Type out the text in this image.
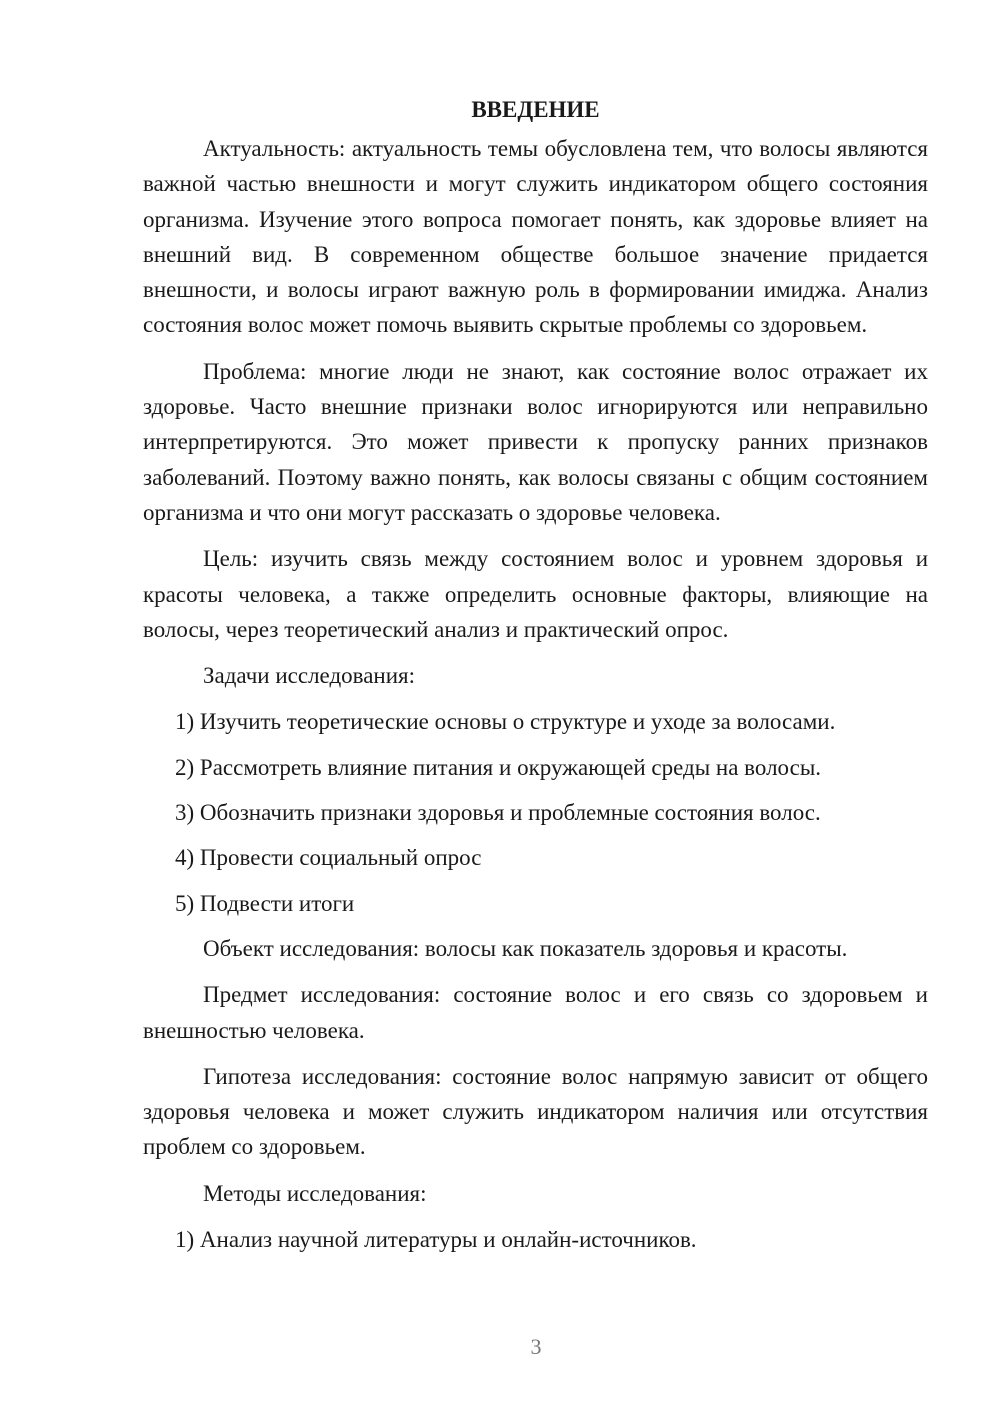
ВВЕДЕНИЕ

Актуальность: актуальность темы обусловлена тем, что волосы являются важной частью внешности и могут служить индикатором общего состояния организма. Изучение этого вопроса помогает понять, как здоровье влияет на внешний вид. В современном обществе большое значение придается внешности, и волосы играют важную роль в формировании имиджа. Анализ состояния волос может помочь выявить скрытые проблемы со здоровьем.

Проблема: многие люди не знают, как состояние волос отражает их здоровье. Часто внешние признаки волос игнорируются или неправильно интерпретируются. Это может привести к пропуску ранних признаков заболеваний. Поэтому важно понять, как волосы связаны с общим состоянием организма и что они могут рассказать о здоровье человека.

Цель: изучить связь между состоянием волос и уровнем здоровья и красоты человека, а также определить основные факторы, влияющие на волосы, через теоретический анализ и практический опрос.

Задачи исследования:

1) Изучить теоретические основы о структуре и уходе за волосами.

2) Рассмотреть влияние питания и окружающей среды на волосы.

3) Обозначить признаки здоровья и проблемные состояния волос.

4) Провести социальный опрос

5) Подвести итоги

Объект исследования: волосы как показатель здоровья и красоты.

Предмет исследования: состояние волос и его связь со здоровьем и внешностью человека.

Гипотеза исследования: состояние волос напрямую зависит от общего здоровья человека и может служить индикатором наличия или отсутствия проблем со здоровьем.

Методы исследования:

1) Анализ научной литературы и онлайн-источников.

3
